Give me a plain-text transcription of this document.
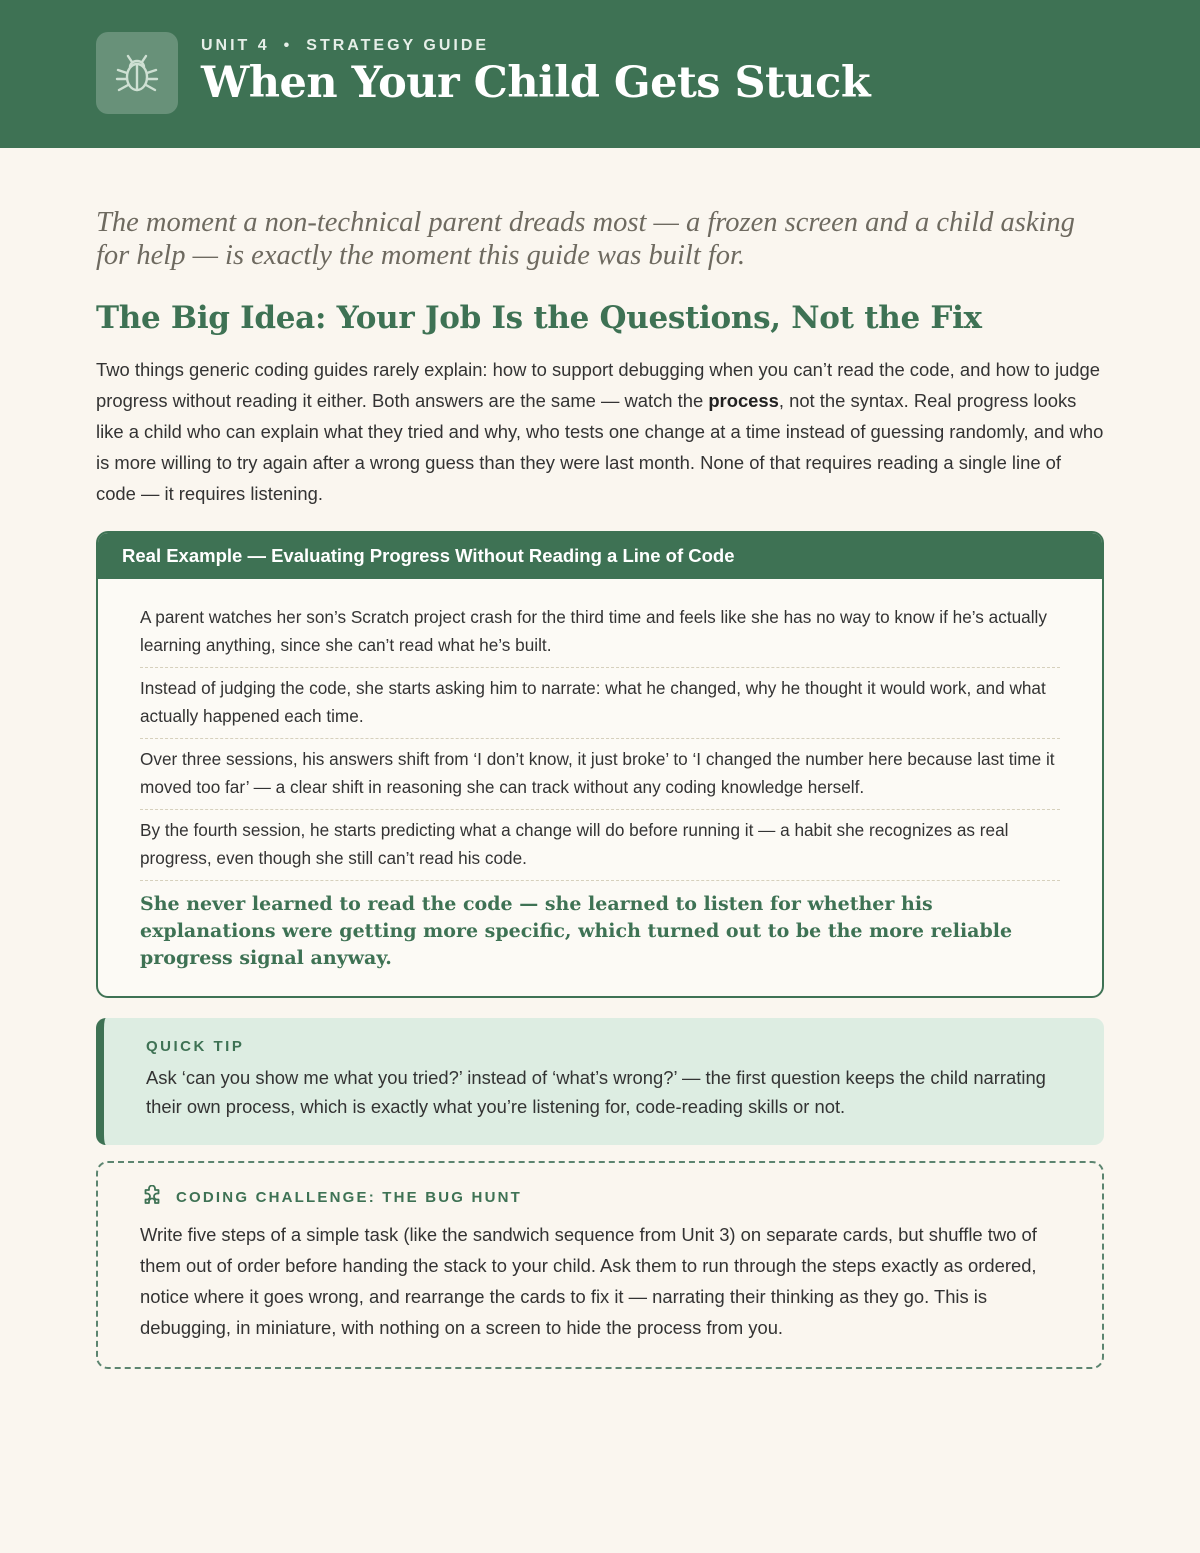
UNIT 4 • STRATEGY GUIDE
When Your Child Gets Stuck

The moment a non-technical parent dreads most — a frozen screen and a child asking for help — is exactly the moment this guide was built for.

The Big Idea: Your Job Is the Questions, Not the Fix

Two things generic coding guides rarely explain: how to support debugging when you can’t read the code, and how to judge progress without reading it either. Both answers are the same — watch the process, not the syntax. Real progress looks like a child who can explain what they tried and why, who tests one change at a time instead of guessing randomly, and who is more willing to try again after a wrong guess than they were last month. None of that requires reading a single line of code — it requires listening.

Real Example — Evaluating Progress Without Reading a Line of Code
A parent watches her son’s Scratch project crash for the third time and feels like she has no way to know if he’s actually learning anything, since she can’t read what he’s built.
Instead of judging the code, she starts asking him to narrate: what he changed, why he thought it would work, and what actually happened each time.
Over three sessions, his answers shift from ‘I don’t know, it just broke’ to ‘I changed the number here because last time it moved too far’ — a clear shift in reasoning she can track without any coding knowledge herself.
By the fourth session, he starts predicting what a change will do before running it — a habit she recognizes as real progress, even though she still can’t read his code.
She never learned to read the code — she learned to listen for whether his explanations were getting more specific, which turned out to be the more reliable progress signal anyway.
QUICK TIP
Ask ‘can you show me what you tried?’ instead of ‘what’s wrong?’ — the first question keeps the child narrating their own process, which is exactly what you’re listening for, code-reading skills or not.
CODING CHALLENGE: THE BUG HUNT
Write five steps of a simple task (like the sandwich sequence from Unit 3) on separate cards, but shuffle two of them out of order before handing the stack to your child. Ask them to run through the steps exactly as ordered, notice where it goes wrong, and rearrange the cards to fix it — narrating their thinking as they go. This is debugging, in miniature, with nothing on a screen to hide the process from you.
